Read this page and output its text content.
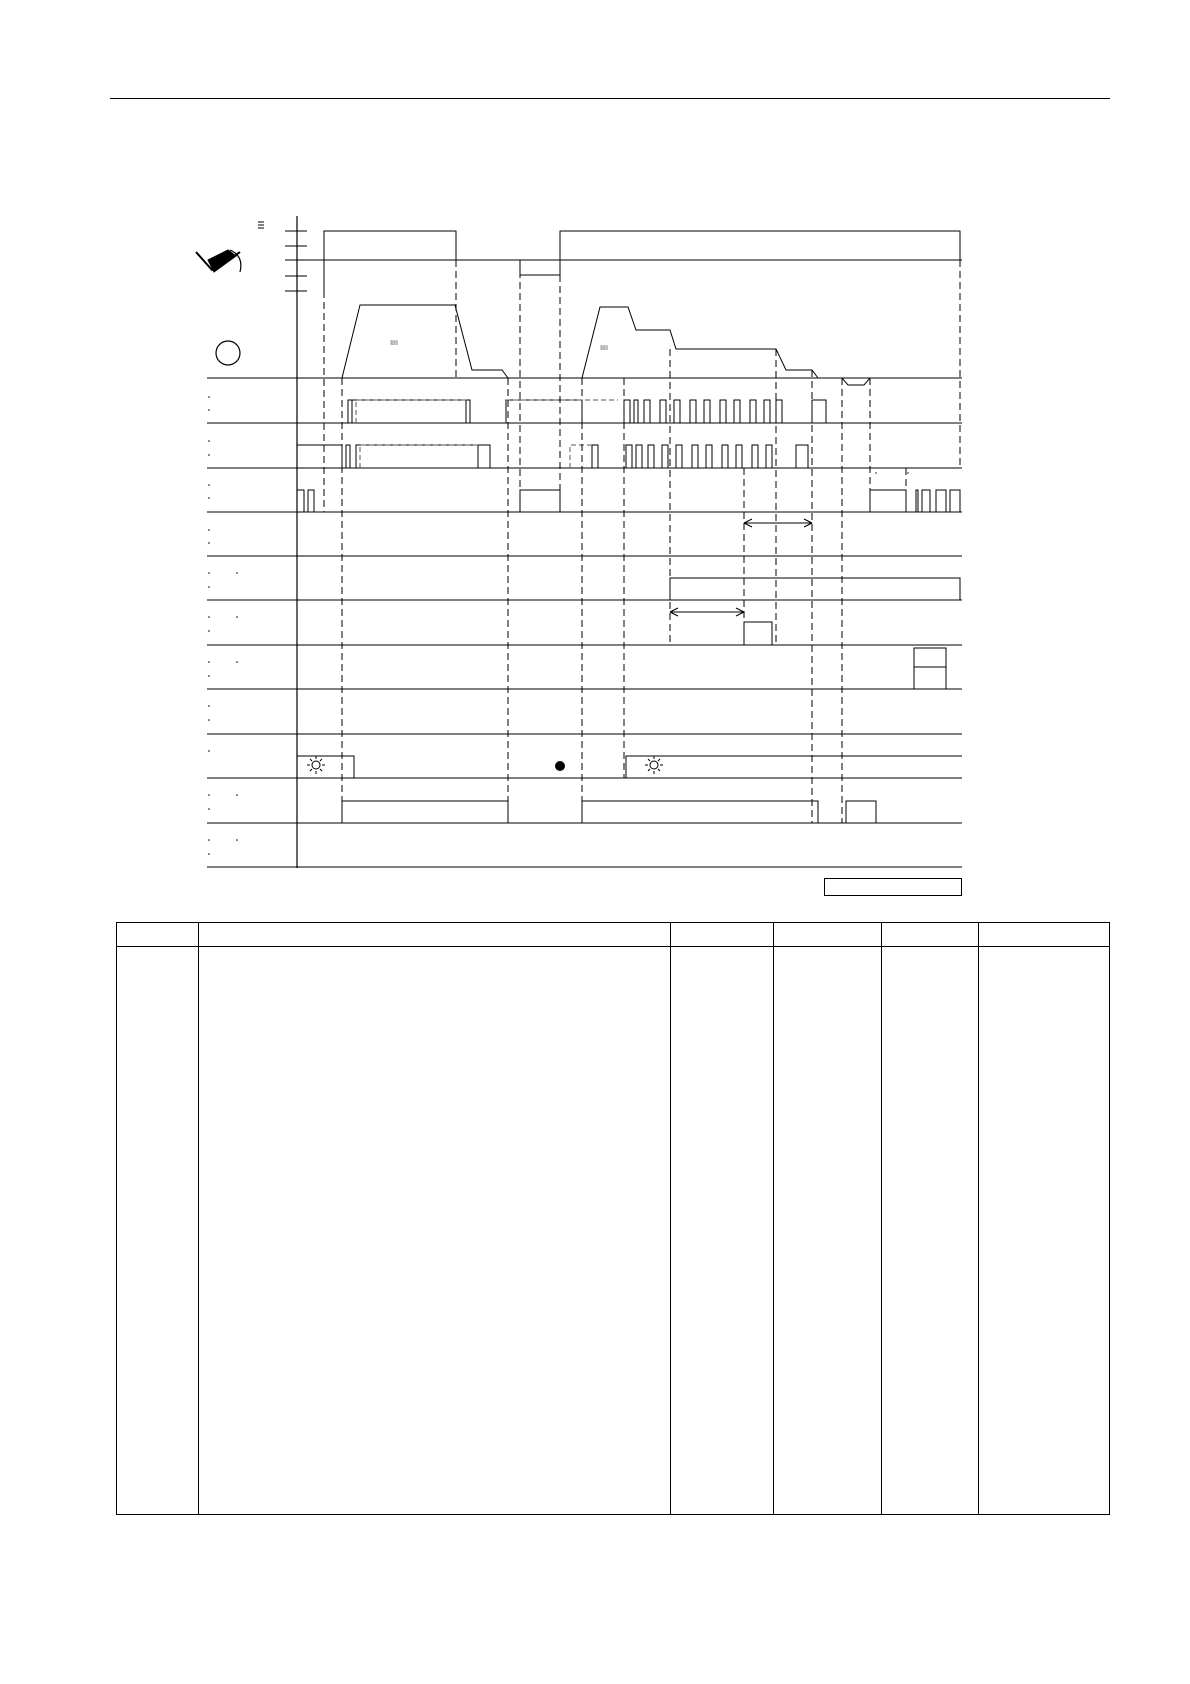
▒
▒
